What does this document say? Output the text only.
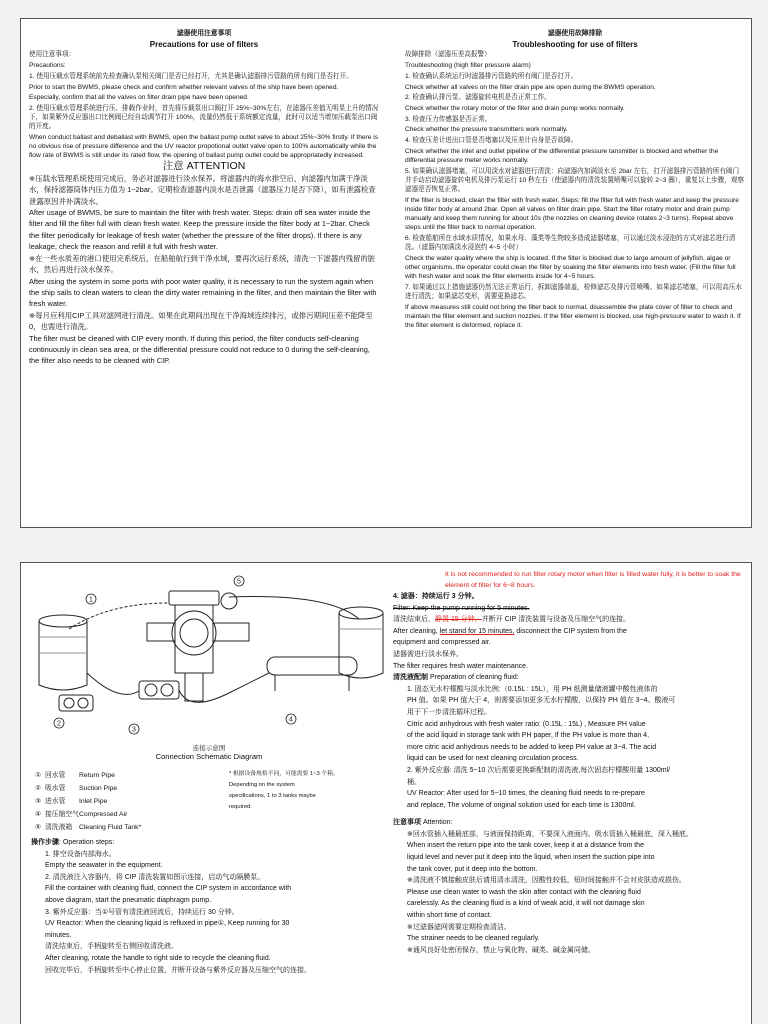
滤器使用注意事项

Precautions for use of filters

使用注意事项：

Precautions:

1. 使用压载水管理系统前先检查确认泵相关阀门是否已经打开，尤其是确认滤器排污管路的所有阀门是否打开。

Prior to start the BWMS, please check and confirm whether relevant valves of the ship have been opened.

Especially, confirm that all the valves on filter drain pipe have been opened.

2. 使用压载水管理系统进行压、排载作业时，首先将压载泵出口阀打开 25%~30%左右，在滤器压差值无明显上升的情况下，如果紫外反应器出口比例阀已经自动调节打开 100%，流量仍然低于系统额定流量，此时可以适当增加压载泵出口阀的开度。

When conduct ballast and deballast with BWMS, open the ballast pump outlet valve to about 25%~30% firstly. If there is no obvious rise of pressure difference and the UV reactor propotional outlet valve open to 100% automatically while the flow rate of BWMS is still under its rated flow, the opening of ballast pump outlet could be appropriatedly increased.

注意 ATTENTION

※压载水管理系统使用完成后，务必对滤器进行淡水保养。将滤器内的海水排空后，向滤器内加满干净淡水，保持滤器筒体内压力值为 1~2bar。定期检查滤器内淡水是否泄露（滤器压力是否下降），如有泄露检查泄露原因并补满淡水。

After usage of BWMS, be sure to maintain the filter with fresh water. Steps: drain off sea water inside the filter and fill the filter full with clean fresh water. Keep the pressure inside the filter body at 1~2bar. Check the filter periodically for leakage of fresh water (whether the pressure of the filter drops). If there is any leakage, check the reason and refill it full with fresh water.

※在一些水质差的港口使用完系统后，在船舶航行到干净水域，要再次运行系统，清洗一下滤器内残留的脏水，然后再进行淡水保养。

After using the system in some ports with poor water quality, it is necessary to run the system again when the ship sails to clean waters to clean the dirty water remaining in the filter, and then maintain the filter with fresh water.

※每月应利用CIP工具对滤网进行清洗。如果在此期间出现在干净海域连续排污，或排污期间压差不能降至0，也需进行清洗。

The filter must be cleaned with CIP every month. If during this period, the filter conducts self-cleaning continuously in clean sea area, or the differential pressure could not reduce to 0 during the self-cleaning, the filter also needs to be cleaned with CIP.

滤器使用故障排除

Troubleshooting for use of filters

故障排除（滤器压差高报警）

Troubleshooting (high filter pressure alarm)

1. 检查确认系统运行时滤器排污管路的所有阀门是否打开。

Check whether all valves on the filter drain pipe are open during the BWMS operation.

2. 检查确认排污泵、滤器旋转电机是否正常工作。

Check whether the rotary motor of the filter and drain pump works normally.

3. 检查压力传感器是否正常。

Check whether the pressure transmitters work normally.

4. 检查压差计进出口管是否堵塞以及压差计自身是否故障。

Check whether the inlet and outlet pipeline of the differential pressure tansmitter is blocked and whether the differential pressure meter works normally.

5. 如果确认滤器堵塞，可以用淡水对滤器进行清洗：向滤器内加满淡水至 2bar 左右，打开滤器排污管路的所有阀门并手动启动滤器旋转电机及排污泵运行 10 秒左右（使滤器内的清洗装置喷嘴可以旋转 2~3 圈），重复以上步骤，观察滤器是否恢复正常。

If the filter is blocked, clean the filter with fresh water. Steps: fill the filter full with fresh water and keep the pressure inside filter body at around 2bar. Open all valves on filter drain pipe. Start the filter rotatry motor and drain pump manually and keep them running for about 10s (the nozzles on cleaning device rotates 2~3 turns). Repeat above steps until the filter back to normal operation.

6. 检查船舶所在水域水质情况，如果水母、藻类等生物较多造成滤器堵塞，可以通过淡水浸泡的方式对滤芯进行清洗。（滤器内加满淡水浸泡约 4~5 小时）

Check the water quality where the ship is located. If the filter is blocked due to large amount of jellyfish, algae or other organisms, the operator could clean the filter by soaking the filter elements into fresh water. (Fill the filter full with fresh water and soak the filter elements inside for 4~5 hours.

7. 如果通过以上措施滤器仍然无法正常运行，拆卸滤器端盖，检修滤芯及排污管喷嘴。如果滤芯堵塞，可以用高压水进行清洗；如果滤芯变形，需要更换滤芯。

If above measures still could not bring the filter back to normal, disassemble the plate cover of filter to check and maintain the filter element and suction nozzles. If the filter element is blocked, use high-pressure water to wash it. If the filter element is deformed, replace it.

1
2
3
4
5
连接示意图
Connection Schematic Diagram
① 回水管	Return Pipe
② 吸水管	Suction Pipe
③ 进水管	Inlet Pipe
④ 接压缩空气 Compressed Air
⑤ 清洗液箱	Cleaning Fluid Tank*

* 根据设备规格不同，可能需要 1~3 个箱。

Depending on the system

specifications, 1 to 3 tanks maybe

required.

操作步骤: Operation steps:

1. 排空设备内部海水。

Empty the seawater in the equipment.

2. 清洗液注入容器内，将 CIP 清洗装置如图示连接，启动气动隔膜泵。

Fill the container with cleaning fluid, connect the CIP system in accordance with

above diagram, start the pneumatic diaphragm pump.

3. 紫外反应器：当①号管有清洗液回流后，持续运行 30 分钟。

UV Reactor: When the cleaning liquid is refluxed in pipe①, Keep running for 30

minutes.

清洗结束后，手柄旋转至右侧回收清洗液。

After cleaning, rotate the handle to right side to recycle the cleaning fluid.

回收完毕后，手柄旋转至中心停止位置，并断开设备与紫外反应器及压缩空气的连接。

It is not recommended to run filter rotary motor when filter is filled water fully, it is better to soak the element of filter for 6~8 hours.

4. 滤器：持续运行 3 分钟。

Filter: Keep the pump running for 5 minutes.

清洗结束后，静置 15 分钟，并断开 CIP 清洗装置与设备及压缩空气的连接。

After cleaning, let stand for 15 minutes, disconnect the CIP system from the

equipment and compressed air.

滤器需进行淡水保养。

The filter requires fresh water maintenance.

清洗液配制 Preparation of cleaning fluid:

1. 固态无水柠檬酸与淡水比例:（0.15L : 15L），用 PH 纸测量储液罐中酸性液体的

PH 值。如果 PH 值大于 4，则需要添加更多无水柠檬酸，以保持 PH 值在 3~4。酸液可

用于下一步清洗循环过程。

Citric acid anhydrous with fresh water ratio: (0.15L : 15L) , Measure PH value

of the acid liquid in storage tank with PH paper, If the PH value is more than 4,

more citric acid anhydrous needs to be added to keep PH value at 3~4. The acid

liquid can be used for next cleaning circulation process.

2. 紫外反应器: 清洗 5~10 次后需要更换新配制的清洗液,每次固态柠檬酸用量 1300ml/

桶。

UV Reactor: After used for 5~10 times, the cleaning fluid needs to re-prepare

and replace, The volume of original solution used for each time is 1300ml.

注意事项 Attention:

※回水管插入桶最底部，与液面保持距离，不要深入液面内。吸水管插入桶最底，深入桶底。

When insert the return pipe into the tank cover, keep it at a distance from the

liquid level and never put it deep into the liquid, when insert the suction pipe into

the tank cover, put it deep into the bottom.

※清洗液不慎接触皮肤后请用清水清洗，因酸性较低，短时间接触并不会对皮肤造成损伤。

Please use clean water to wash the skin after contact with the cleaning fluid

carelessly. As the cleaning fluid is a kind of weak acid, it will not damage skin

within short time of contact.

※过滤器滤网需要定期检查清洁。

The strainer needs to be cleaned regularly.

※通风良好处密闭保存，禁止与氧化物、碱类、碱金属同储。
